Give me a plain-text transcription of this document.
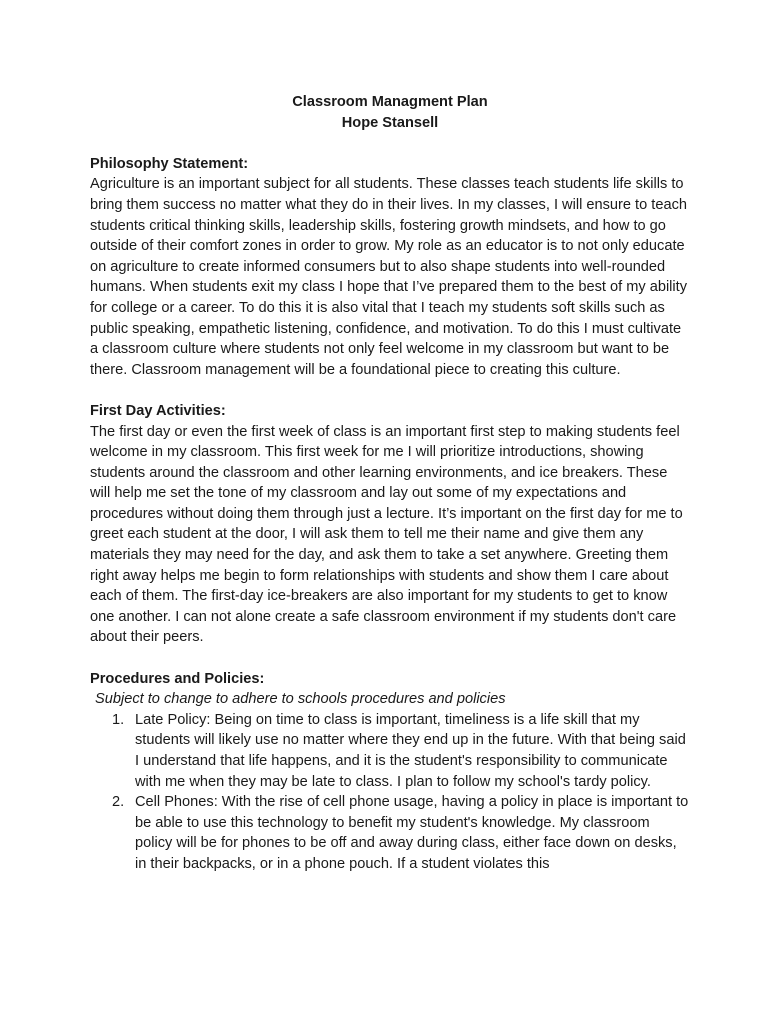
Classroom Managment Plan
Hope Stansell
Philosophy Statement:

Agriculture is an important subject for all students. These classes teach students life skills to bring them success no matter what they do in their lives. In my classes, I will ensure to teach students critical thinking skills, leadership skills, fostering growth mindsets, and how to go outside of their comfort zones in order to grow. My role as an educator is to not only educate on agriculture to create informed consumers but to also shape students into well-rounded humans. When students exit my class I hope that I’ve prepared them to the best of my ability for college or a career. To do this it is also vital that I teach my students soft skills such as public speaking, empathetic listening, confidence, and motivation. To do this I must cultivate a classroom culture where students not only feel welcome in my classroom but want to be there. Classroom management will be a foundational piece to creating this culture.

First Day Activities:

The first day or even the first week of class is an important first step to making students feel welcome in my classroom. This first week for me I will prioritize introductions, showing students around the classroom and other learning environments, and ice breakers. These will help me set the tone of my classroom and lay out some of my expectations and procedures without doing them through just a lecture. It’s important on the first day for me to greet each student at the door, I will ask them to tell me their name and give them any materials they may need for the day, and ask them to take a set anywhere. Greeting them right away helps me begin to form relationships with students and show them I care about each of them. The first-day ice-breakers are also important for my students to get to know one another. I can not alone create a safe classroom environment if my students don't care about their peers.

Procedures and Policies:
Subject to change to adhere to schools procedures and policies
1. Late Policy: Being on time to class is important, timeliness is a life skill that my students will likely use no matter where they end up in the future. With that being said I understand that life happens, and it is the student's responsibility to communicate with me when they may be late to class. I plan to follow my school's tardy policy.
2. Cell Phones: With the rise of cell phone usage, having a policy in place is important to be able to use this technology to benefit my student's knowledge. My classroom policy will be for phones to be off and away during class, either face down on desks, in their backpacks, or in a phone pouch. If a student violates this
